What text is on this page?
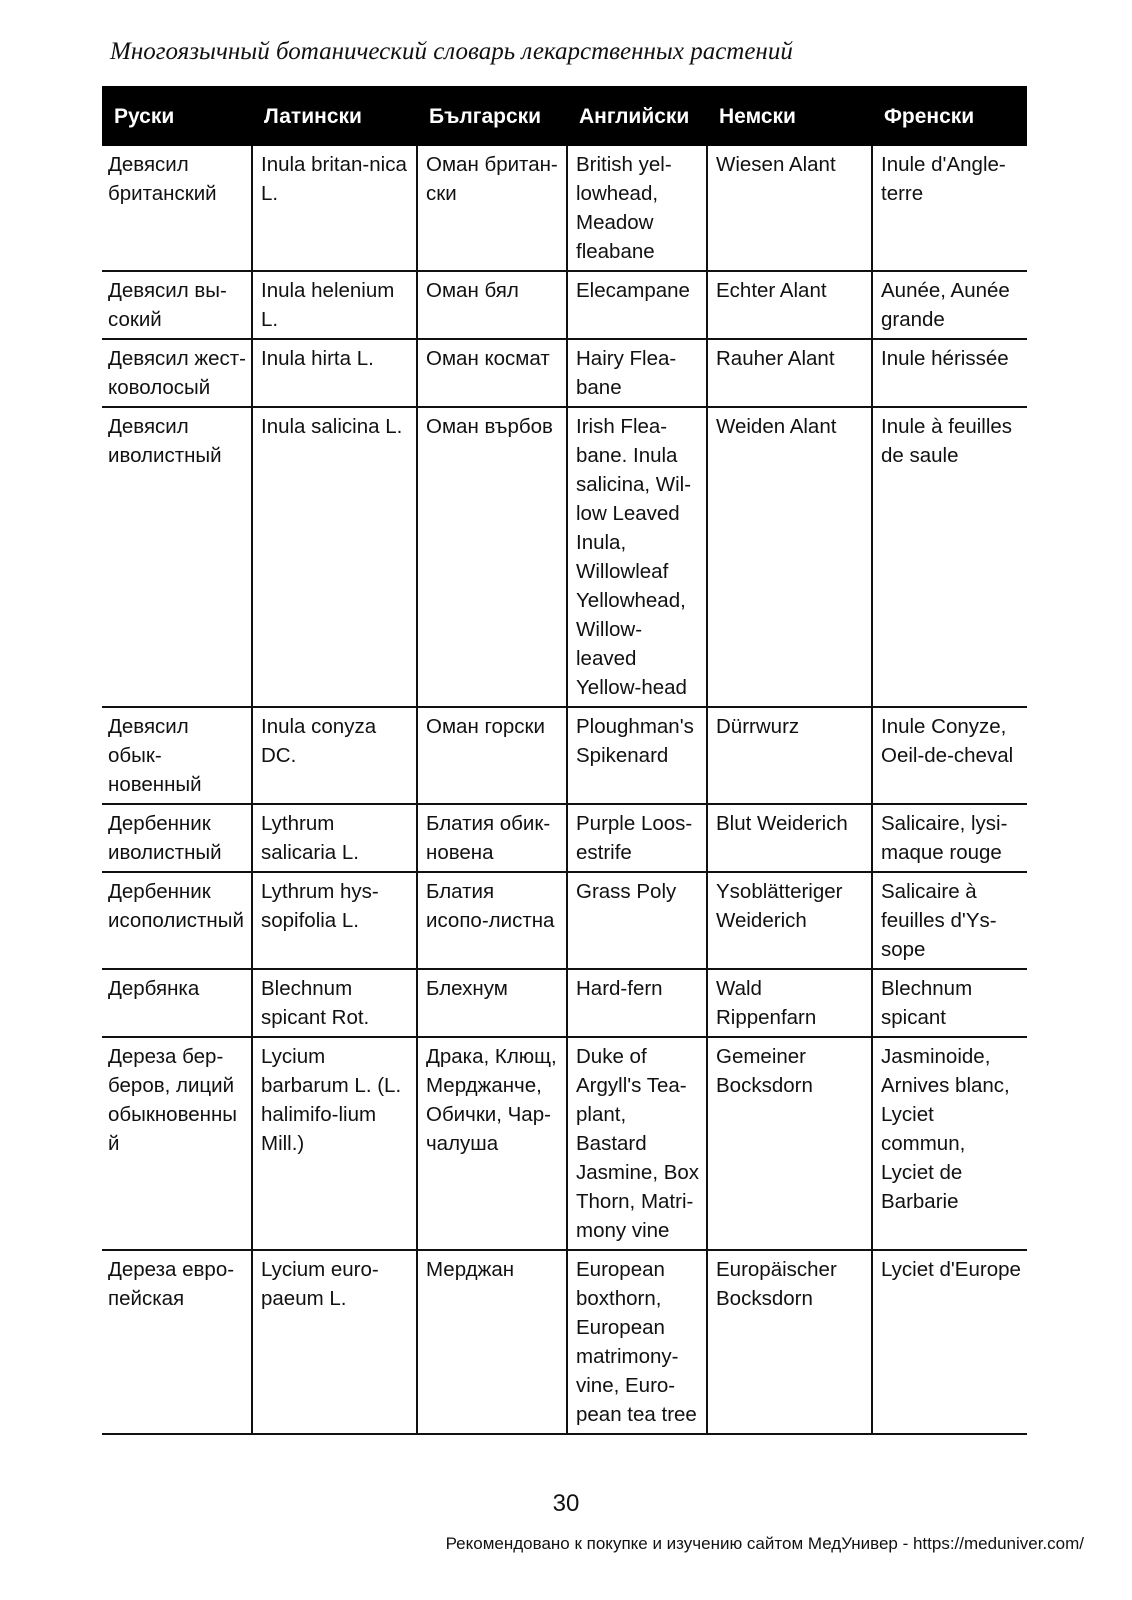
Многоязычный ботанический словарь лекарственных растений
Руски	Латински	Български	Английски	Немски	Френски
Девясил британский	Inula britan-nica L.	Оман британ-ски	British yel-lowhead, Meadow fleabane	Wiesen Alant	Inule d'Angle-terre
Девясил вы-сокий	Inula helenium L.	Оман бял	Elecampane	Echter Alant	Aunée, Aunée grande
Девясил жест-коволосый	Inula hirta L.	Оман космат	Hairy Flea-bane	Rauher Alant	Inule hérissée
Девясил иволистный	Inula salicina L.	Оман върбов	Irish Flea-bane. Inula salicina, Wil-low Leaved Inula, Willowleaf Yellowhead, Willow-leaved Yellow-head	Weiden Alant	Inule à feuilles de saule
Девясил обык-новенный	Inula conyza DC.	Оман горски	Ploughman's Spikenard	Dürrwurz	Inule Conyze, Oeil-de-cheval
Дербенник иволистный	Lythrum salicaria L.	Блатия обик-новена	Purple Loos-estrife	Blut Weiderich	Salicaire, lysi-maque rouge
Дербенник исополистный	Lythrum hys-sopifolia L.	Блатия исопо-листна	Grass Poly	Ysoblätteriger Weiderich	Salicaire à feuilles d'Ys-sope
Дербянка	Blechnum spicant Rot.	Блехнум	Hard-fern	Wald Rippenfarn	Blechnum spicant
Дереза бер-беров, лиций обыкновенный	Lycium barbarum L. (L. halimifo-lium Mill.)	Драка, Клющ, Мерджанче, Обички, Чар-чалуша	Duke of Argyll's Tea-plant, Bastard Jasmine, Box Thorn, Matri-mony vine	Gemeiner Bocksdorn	Jasminoide, Arnives blanc, Lyciet commun, Lyciet de Barbarie
Дереза евро-пейская	Lycium euro-paeum L.	Мерджан	European boxthorn, European matrimony-vine, Euro-pean tea tree	Europäischer Bocksdorn	Lyciet d'Europe
30
Рекомендовано к покупке и изучению сайтом МедУнивер - https://meduniver.com/
